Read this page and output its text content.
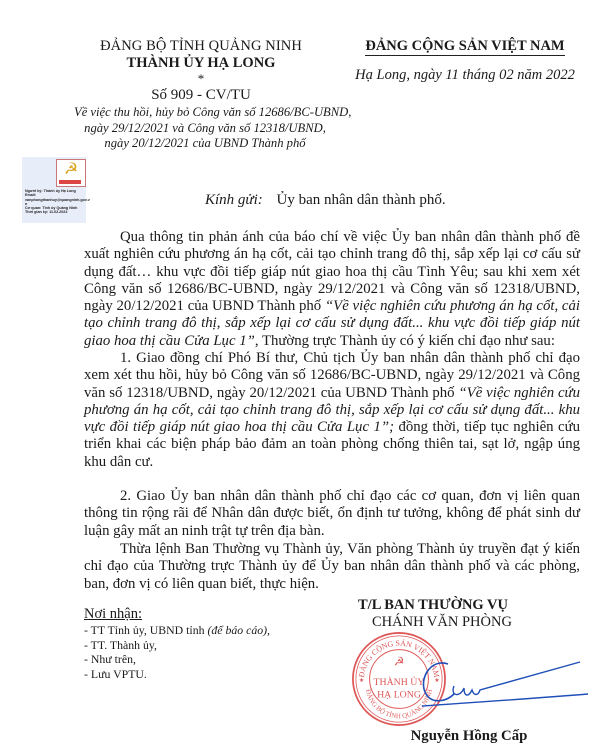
ĐẢNG BỘ TỈNH QUẢNG NINH
THÀNH ỦY HẠ LONG
*
Số 909 - CV/TU
Về việc thu hồi, hủy bỏ Công văn số 12686/BC-UBND,
ngày 29/12/2021 và Công văn số 12318/UBND,
ngày 20/12/2021 của UBND Thành phố
ĐẢNG CỘNG SẢN VIỆT NAM
Hạ Long, ngày 11 tháng 02 năm 2022
☭
Người ký: Thành ủy Hạ Long
Email:
vanphongthanhuy@quangninh.gov.v
n
Cơ quan: Tỉnh ủy Quảng Ninh
Thời gian ký: 11.02.2022
Kính gửi: Ủy ban nhân dân thành phố.
Qua thông tin phản ánh của báo chí về việc Ủy ban nhân dân thành phố đề xuất nghiên cứu phương án hạ cốt, cải tạo chỉnh trang đô thị, sắp xếp lại cơ cấu sử dụng đất… khu vực đồi tiếp giáp nút giao hoa thị cầu Tình Yêu; sau khi xem xét Công văn số 12686/BC-UBND, ngày 29/12/2021 và Công văn số 12318/UBND, ngày 20/12/2021 của UBND Thành phố “Về việc nghiên cứu phương án hạ cốt, cải tạo chỉnh trang đô thị, sắp xếp lại cơ cấu sử dụng đất... khu vực đồi tiếp giáp nút giao hoa thị cầu Cửa Lục 1”, Thường trực Thành ủy có ý kiến chỉ đạo như sau:
1. Giao đồng chí Phó Bí thư, Chủ tịch Ủy ban nhân dân thành phố chỉ đạo xem xét thu hồi, hủy bỏ Công văn số 12686/BC-UBND, ngày 29/12/2021 và Công văn số 12318/UBND, ngày 20/12/2021 của UBND Thành phố “Về việc nghiên cứu phương án hạ cốt, cải tạo chỉnh trang đô thị, sắp xếp lại cơ cấu sử dụng đất... khu vực đồi tiếp giáp nút giao hoa thị cầu Cửa Lục 1”; đồng thời, tiếp tục nghiên cứu triển khai các biện pháp bảo đảm an toàn phòng chống thiên tai, sạt lở, ngập úng khu dân cư.
2. Giao Ủy ban nhân dân thành phố chỉ đạo các cơ quan, đơn vị liên quan thông tin rộng rãi để Nhân dân được biết, ổn định tư tưởng, không để phát sinh dư luận gây mất an ninh trật tự trên địa bàn.
Thừa lệnh Ban Thường vụ Thành ủy, Văn phòng Thành ủy truyền đạt ý kiến chỉ đạo của Thường trực Thành ủy để Ủy ban nhân dân thành phố và các phòng, ban, đơn vị có liên quan biết, thực hiện.
Nơi nhận:
- TT Tỉnh ủy, UBND tỉnh (để báo cáo),
- TT. Thành ủy,
- Như trên,
- Lưu VPTU.	ĐẢNG CỘNG SẢN VIỆT NAM
ĐẢNG BỘ TỈNH QUẢNG NINH
☭
THÀNH ỦY
HẠ LONG
★	★
T/L BAN THƯỜNG VỤ
CHÁNH VĂN PHÒNG
Nguyễn Hồng Cấp
